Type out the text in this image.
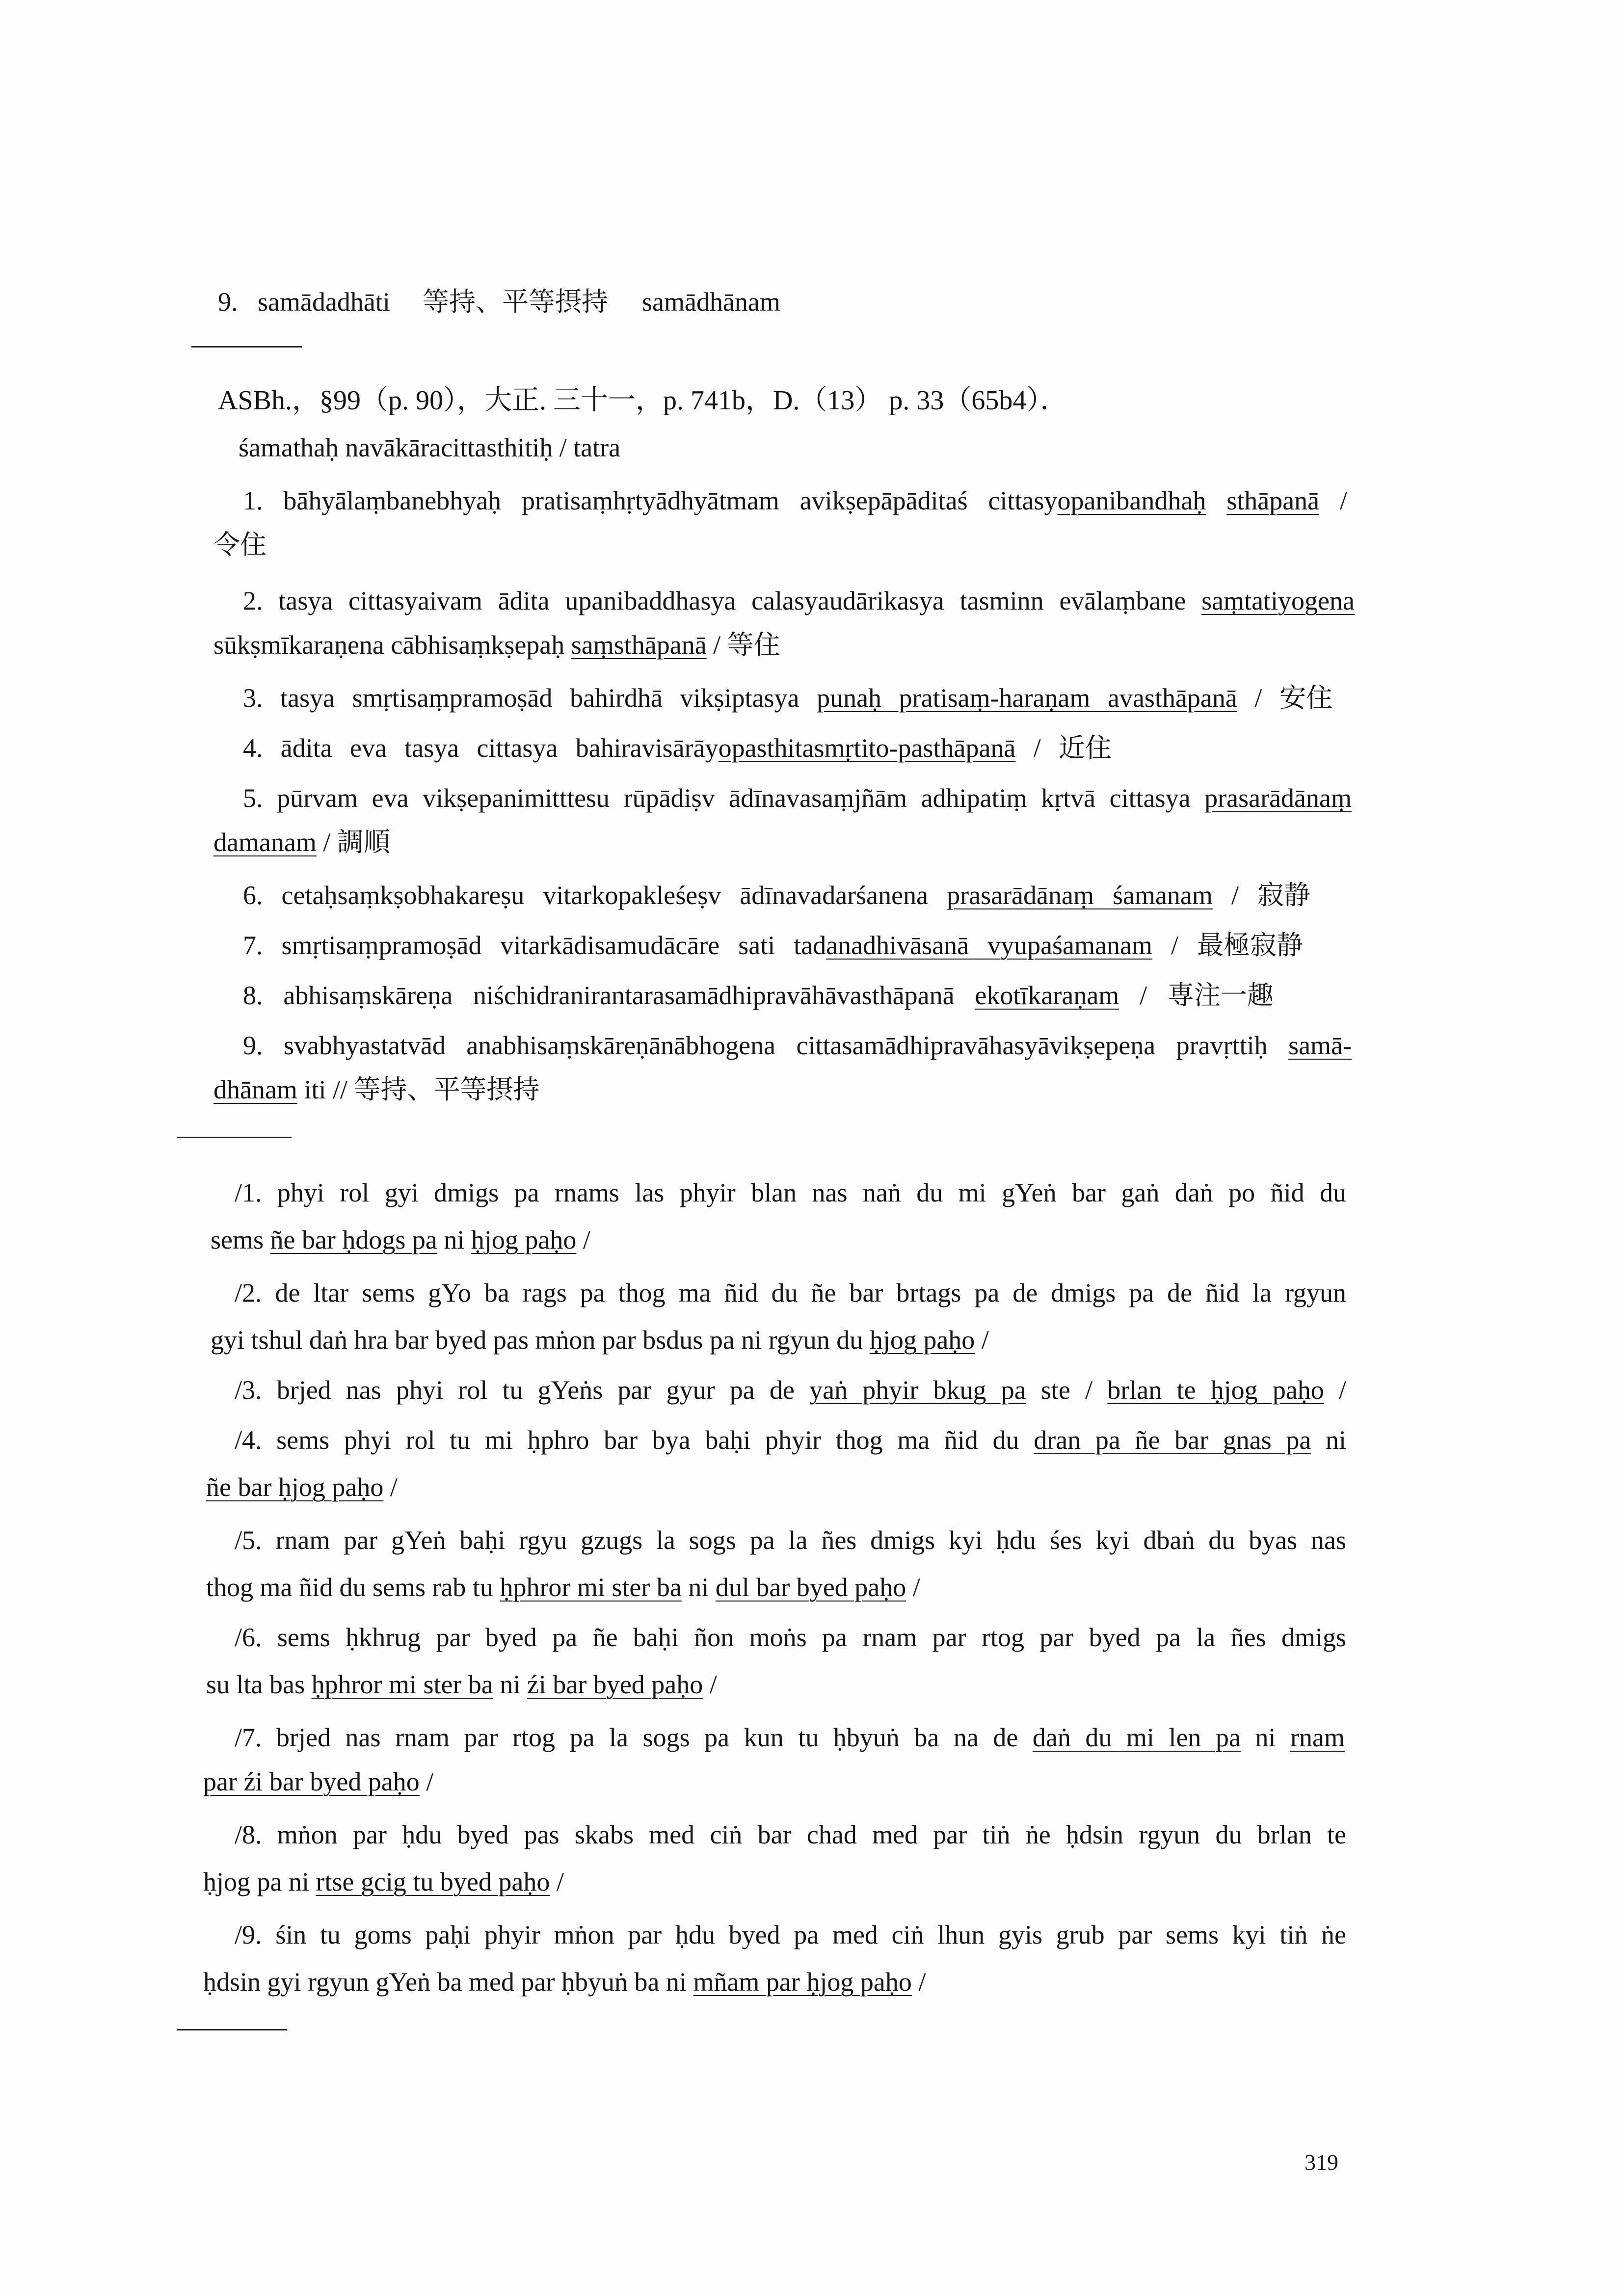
9. samādadhāti 等持、平等摂持 samādhānam
ASBh.，§99（p. 90），大正. 三十一，p. 741b，D.（13） p. 33（65b4）．
śamathaḥ navākāracittasthitiḥ / tatra
1. bāhyālaṃbanebhyaḥ pratisaṃhṛtyādhyātmam avikṣepāpāditaś cittasyopanibandhaḥ sthāpanā /
令住
2. tasya cittasyaivam ādita upanibaddhasya calasyaudārikasya tasminn evālaṃbane saṃtatiyogena
sūkṣmīkaraṇena cābhisaṃkṣepaḥ saṃsthāpanā / 等住
3. tasya smṛtisaṃpramoṣād bahirdhā vikṣiptasya punaḥ pratisaṃ-haraṇam avasthāpanā / 安住
4. ādita eva tasya cittasya bahiravisārāyopasthitasmṛtito-pasthāpanā / 近住
5. pūrvam eva vikṣepanimitttesu rūpādiṣv ādīnavasaṃjñām adhipatiṃ kṛtvā cittasya prasarādānaṃ
damanam / 調順
6. cetaḥsaṃkṣobhakareṣu vitarkopakleśeṣv ādīnavadarśanena prasarādānaṃ śamanam / 寂静
7. smṛtisaṃpramoṣād vitarkādisamudācāre sati tadanadhivāsanā vyupaśamanam / 最極寂静
8. abhisaṃskāreṇa niśchidranirantarasamādhipravāhāvasthāpanā ekotīkaraṇam / 専注一趣
9. svabhyastatvād anabhisaṃskāreṇānābhogena cittasamādhipravāhasyāvikṣepeṇa pravṛttiḥ samā-
dhānam iti // 等持、平等摂持
/1. phyi rol gyi dmigs pa rnams las phyir blan nas naṅ du mi gYeṅ bar gaṅ daṅ po ñid du
sems ñe bar ḥdogs pa ni ḥjog paḥo /
/2. de ltar sems gYo ba rags pa thog ma ñid du ñe bar brtags pa de dmigs pa de ñid la rgyun
gyi tshul daṅ hra bar byed pas mṅon par bsdus pa ni rgyun du ḥjog paḥo /
/3. brjed nas phyi rol tu gYeṅs par gyur pa de yaṅ phyir bkug pa ste / brlan te ḥjog paḥo /
/4. sems phyi rol tu mi ḥphro bar bya baḥi phyir thog ma ñid du dran pa ñe bar gnas pa ni
ñe bar ḥjog paḥo /
/5. rnam par gYeṅ baḥi rgyu gzugs la sogs pa la ñes dmigs kyi ḥdu śes kyi dbaṅ du byas nas
thog ma ñid du sems rab tu ḥphror mi ster ba ni dul bar byed paḥo /
/6. sems ḥkhrug par byed pa ñe baḥi ñon moṅs pa rnam par rtog par byed pa la ñes dmigs
su lta bas ḥphror mi ster ba ni źi bar byed paḥo /
/7. brjed nas rnam par rtog pa la sogs pa kun tu ḥbyuṅ ba na de daṅ du mi len pa ni rnam
par źi bar byed paḥo /
/8. mṅon par ḥdu byed pas skabs med ciṅ bar chad med par tiṅ ṅe ḥdsin rgyun du brlan te
ḥjog pa ni rtse gcig tu byed paḥo /
/9. śin tu goms paḥi phyir mṅon par ḥdu byed pa med ciṅ lhun gyis grub par sems kyi tiṅ ṅe
ḥdsin gyi rgyun gYeṅ ba med par ḥbyuṅ ba ni mñam par ḥjog paḥo /
319
